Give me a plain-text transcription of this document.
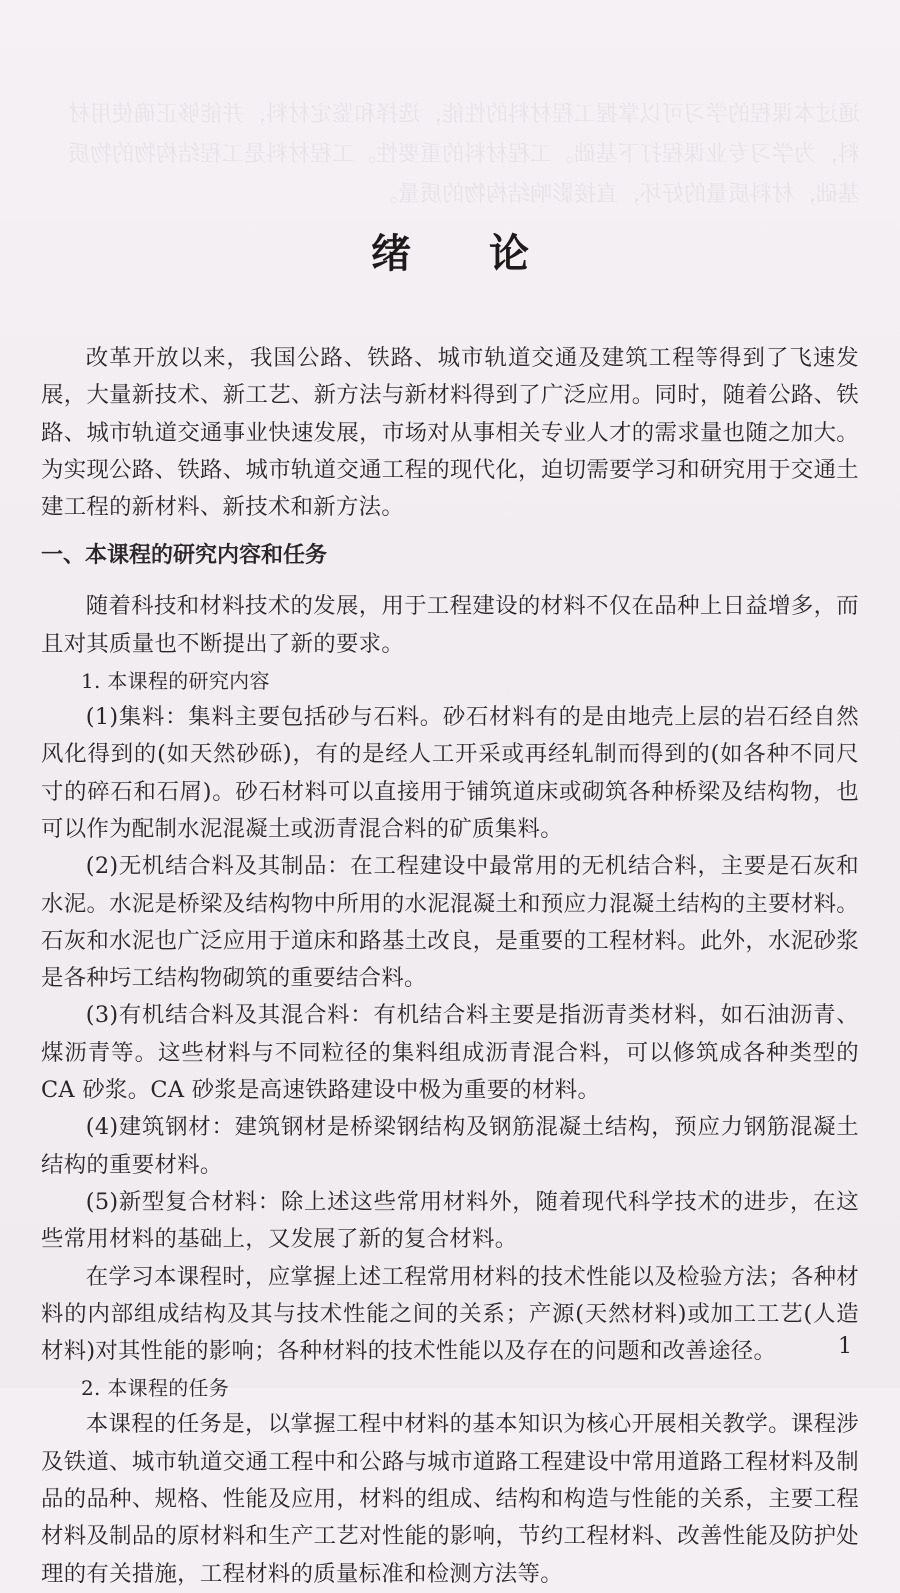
通过本课程的学习可以掌握工程材料的性能，选择和鉴定材料，并能够正确使用材料，为学习专业课程打下基础。工程材料的重要性。工程材料是工程结构物的物质基础，材料质量的好坏，直接影响结构物的质量。
绪 论

改革开放以来，我国公路、铁路、城市轨道交通及建筑工程等得到了飞速发展，大量新技术、新工艺、新方法与新材料得到了广泛应用。同时，随着公路、铁路、城市轨道交通事业快速发展，市场对从事相关专业人才的需求量也随之加大。为实现公路、铁路、城市轨道交通工程的现代化，迫切需要学习和研究用于交通土建工程的新材料、新技术和新方法。

一、本课程的研究内容和任务

随着科技和材料技术的发展，用于工程建设的材料不仅在品种上日益增多，而且对其质量也不断提出了新的要求。

1. 本课程的研究内容

(1)集料：集料主要包括砂与石料。砂石材料有的是由地壳上层的岩石经自然风化得到的(如天然砂砾)，有的是经人工开采或再经轧制而得到的(如各种不同尺寸的碎石和石屑)。砂石材料可以直接用于铺筑道床或砌筑各种桥梁及结构物，也可以作为配制水泥混凝土或沥青混合料的矿质集料。

(2)无机结合料及其制品：在工程建设中最常用的无机结合料，主要是石灰和水泥。水泥是桥梁及结构物中所用的水泥混凝土和预应力混凝土结构的主要材料。石灰和水泥也广泛应用于道床和路基土改良，是重要的工程材料。此外，水泥砂浆是各种圬工结构物砌筑的重要结合料。

(3)有机结合料及其混合料：有机结合料主要是指沥青类材料，如石油沥青、煤沥青等。这些材料与不同粒径的集料组成沥青混合料，可以修筑成各种类型的 CA 砂浆。CA 砂浆是高速铁路建设中极为重要的材料。

(4)建筑钢材：建筑钢材是桥梁钢结构及钢筋混凝土结构，预应力钢筋混凝土结构的重要材料。

(5)新型复合材料：除上述这些常用材料外，随着现代科学技术的进步，在这些常用材料的基础上，又发展了新的复合材料。

在学习本课程时，应掌握上述工程常用材料的技术性能以及检验方法；各种材料的内部组成结构及其与技术性能之间的关系；产源(天然材料)或加工工艺(人造材料)对其性能的影响；各种材料的技术性能以及存在的问题和改善途径。

2. 本课程的任务

本课程的任务是，以掌握工程中材料的基本知识为核心开展相关教学。课程涉及铁道、城市轨道交通工程中和公路与城市道路工程建设中常用道路工程材料及制品的品种、规格、性能及应用，材料的组成、结构和构造与性能的关系，主要工程材料及制品的原材料和生产工艺对性能的影响，节约工程材料、改善性能及防护处理的有关措施，工程材料的质量标准和检测方法等。

1
